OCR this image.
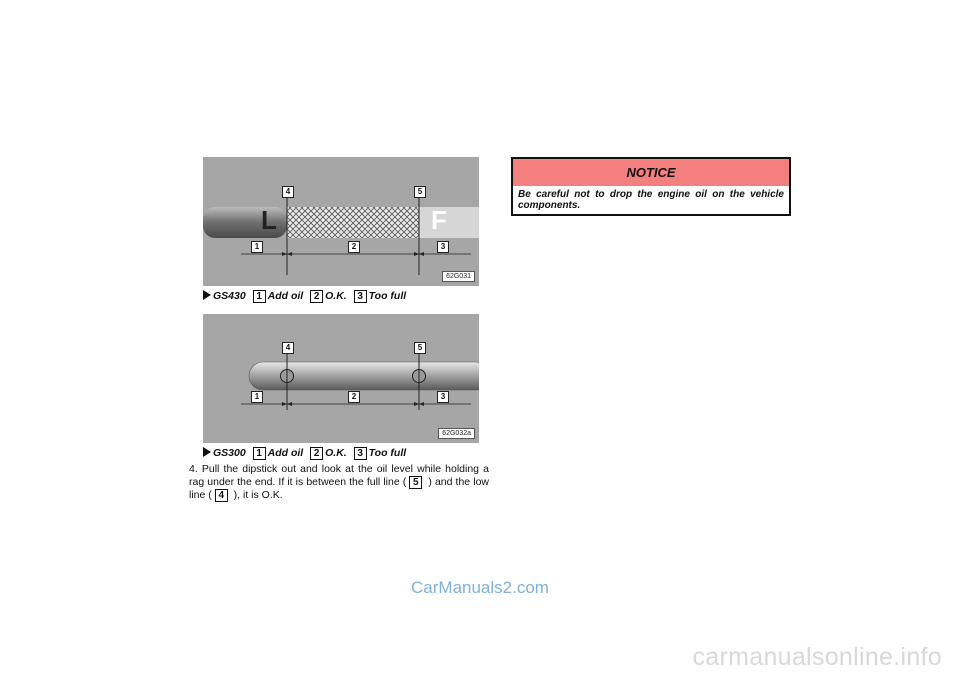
L	F
4	5
1	2	3
62G031
GS430 1 Add oil 2 O.K. 3 Too full
4	5
1	2	3
62G032a
GS300 1 Add oil 2 O.K. 3 Too full
4. Pull the dipstick out and look at the oil level while holding a rag under the end. If it is between the full line ( 5 ) and the low line ( 4 ), it is O.K.
NOTICE
Be careful not to drop the engine oil on the vehicle components.
CarManuals2.com
carmanualsonline.info
